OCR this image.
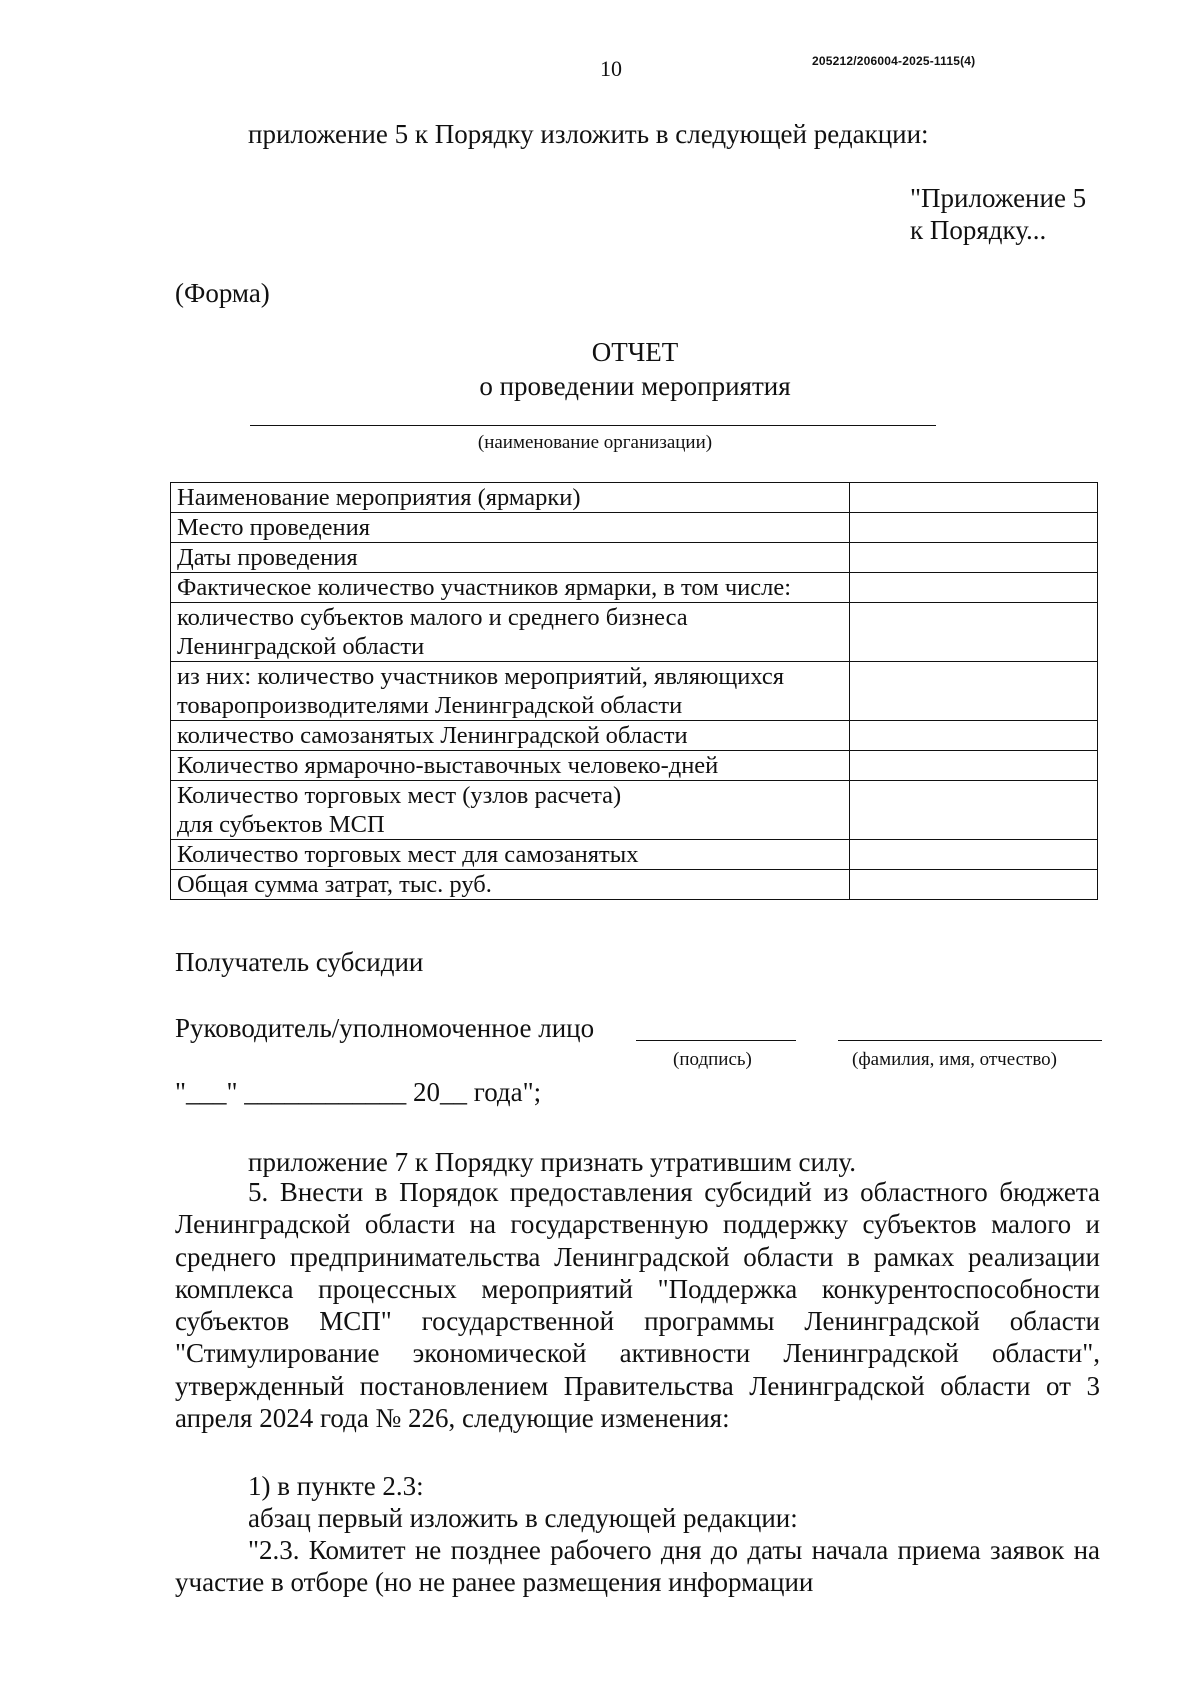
10	205212/206004-2025-1115(4)
приложение 5 к Порядку изложить в следующей редакции:
"Приложение 5
к Порядку...
(Форма)
ОТЧЕТ
о проведении мероприятия
(наименование организации)
Наименование мероприятия (ярмарки)	

Место проведения	

Даты проведения	

Фактическое количество участников ярмарки, в том числе:	

количество субъектов малого и среднего бизнеса
Ленинградской области	

из них: количество участников мероприятий, являющихся
товаропроизводителями Ленинградской области	

количество самозанятых Ленинградской области	

Количество ярмарочно-выставочных человеко-дней	

Количество торговых мест (узлов расчета)
для субъектов МСП	

Количество торговых мест для самозанятых	

Общая сумма затрат, тыс. руб.	

Получатель субсидии
Руководитель/уполномоченное лицо
(подпись)	(фамилия, имя, отчество)
"___" ____________ 20__ года";
приложение 7 к Порядку признать утратившим силу.
5. Внести в Порядок предоставления субсидий из областного бюджета Ленинградской области на государственную поддержку субъектов малого и среднего предпринимательства Ленинградской области в рамках реализации комплекса процессных мероприятий "Поддержка конкурентоспособности субъектов МСП" государственной программы Ленинградской области "Стимулирование экономической активности Ленинградской области", утвержденный постановлением Правительства Ленинградской области от 3 апреля 2024 года № 226, следующие изменения:
1) в пункте 2.3:
абзац первый изложить в следующей редакции:
"2.3. Комитет не позднее рабочего дня до даты начала приема заявок на участие в отборе (но не ранее размещения информации
